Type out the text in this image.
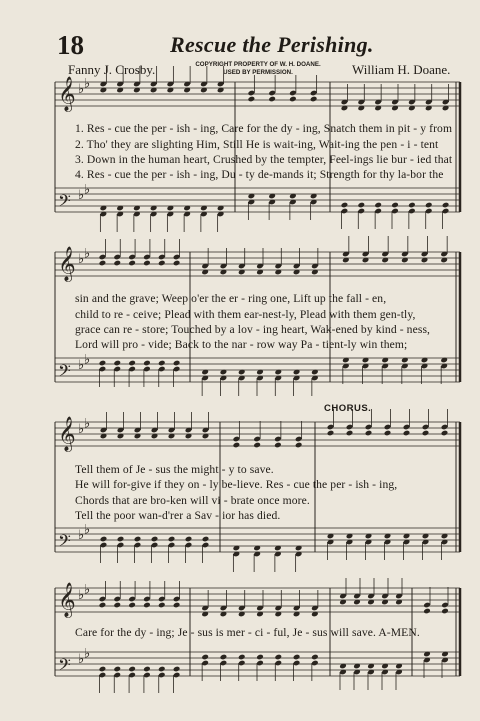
18	Rescue the Perishing.
Fanny J. Crosby.	COPYRIGHT PROPERTY OF W. H. DOANE.
USED BY PERMISSION.	William H. Doane.
𝄞 ♭ ♭
𝄢 ♭ ♭
𝄞 ♭ ♭
𝄢 ♭ ♭
𝄞 ♭ ♭
𝄢 ♭ ♭
𝄞 ♭ ♭
𝄢 ♭ ♭
1. Res - cue the per - ish - ing, Care for the dy - ing, Snatch them in pit - y from
2. Tho' they are slighting Him, Still He is wait-ing, Wait-ing the pen - i - tent
3. Down in the human heart, Crushed by the tempter, Feel-ings lie bur - ied that
4. Res - cue the per - ish - ing, Du - ty de-mands it; Strength for thy la-bor the
sin and the grave; Weep o'er the er - ring one, Lift up the fall - en,
child to re - ceive; Plead with them ear-nest-ly, Plead with them gen-tly,
grace can re - store; Touched by a lov - ing heart, Wak-ened by kind - ness,
Lord will pro - vide; Back to the nar - row way Pa - tient-ly win them;
CHORUS.
Tell them of Je - sus the might - y to save.
He will for-give if they on - ly be-lieve. Res - cue the per - ish - ing,
Chords that are bro-ken will vi - brate once more.
Tell the poor wan-d'rer a Sav - ior has died.
Care for the dy - ing; Je - sus is mer - ci - ful, Je - sus will save. A-MEN.
